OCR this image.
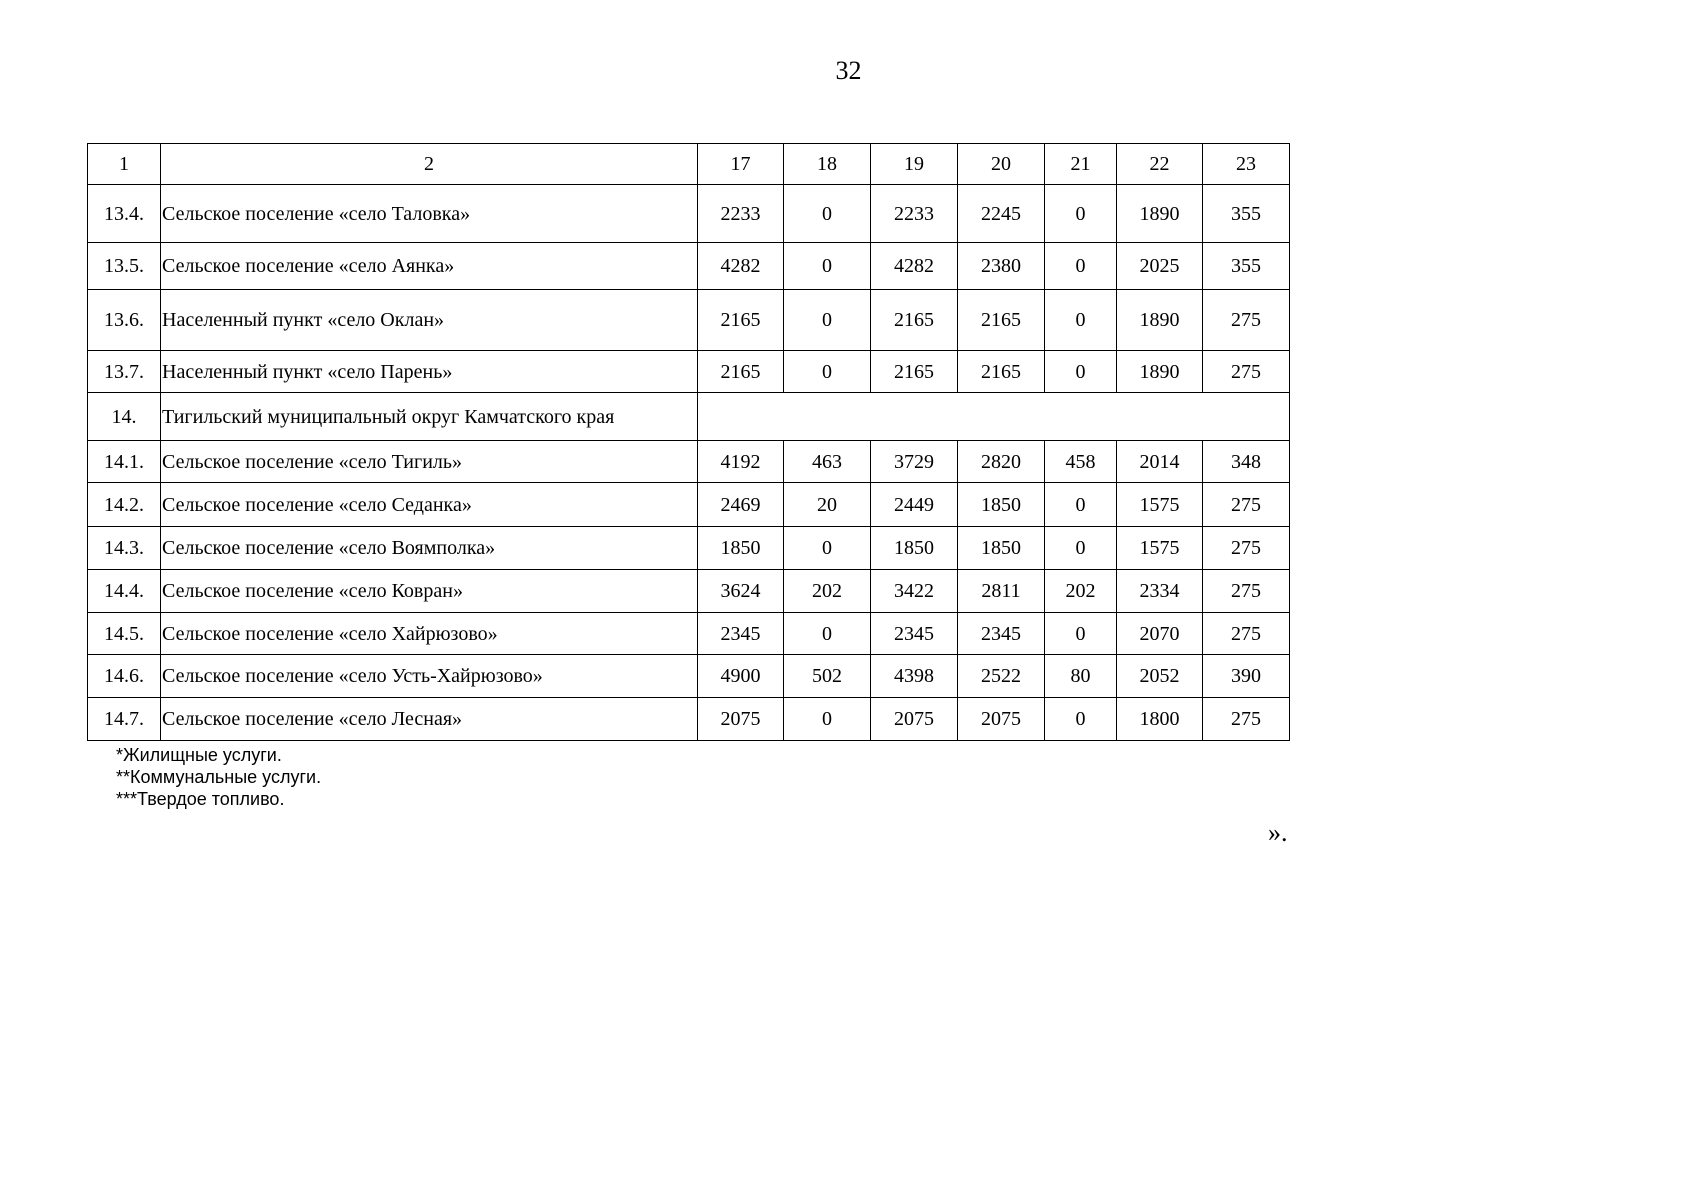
32
1	2	17	18	19	20	21	22	23
13.4.	Сельское поселение «село Таловка»	2233	0	2233	2245	0	1890	355
13.5.	Сельское поселение «село Аянка»	4282	0	4282	2380	0	2025	355
13.6.	Населенный пункт «село Оклан»	2165	0	2165	2165	0	1890	275
13.7.	Населенный пункт «село Парень»	2165	0	2165	2165	0	1890	275
14.	Тигильский муниципальный округ Камчатского края							
14.1.	Сельское поселение «село Тигиль»	4192	463	3729	2820	458	2014	348
14.2.	Сельское поселение «село Седанка»	2469	20	2449	1850	0	1575	275
14.3.	Сельское поселение «село Воямполка»	1850	0	1850	1850	0	1575	275
14.4.	Сельское поселение «село Ковран»	3624	202	3422	2811	202	2334	275
14.5.	Сельское поселение «село Хайрюзово»	2345	0	2345	2345	0	2070	275
14.6.	Сельское поселение «село Усть-Хайрюзово»	4900	502	4398	2522	80	2052	390
14.7.	Сельское поселение «село Лесная»	2075	0	2075	2075	0	1800	275
*Жилищные услуги.
**Коммунальные услуги.
***Твердое топливо.
».
